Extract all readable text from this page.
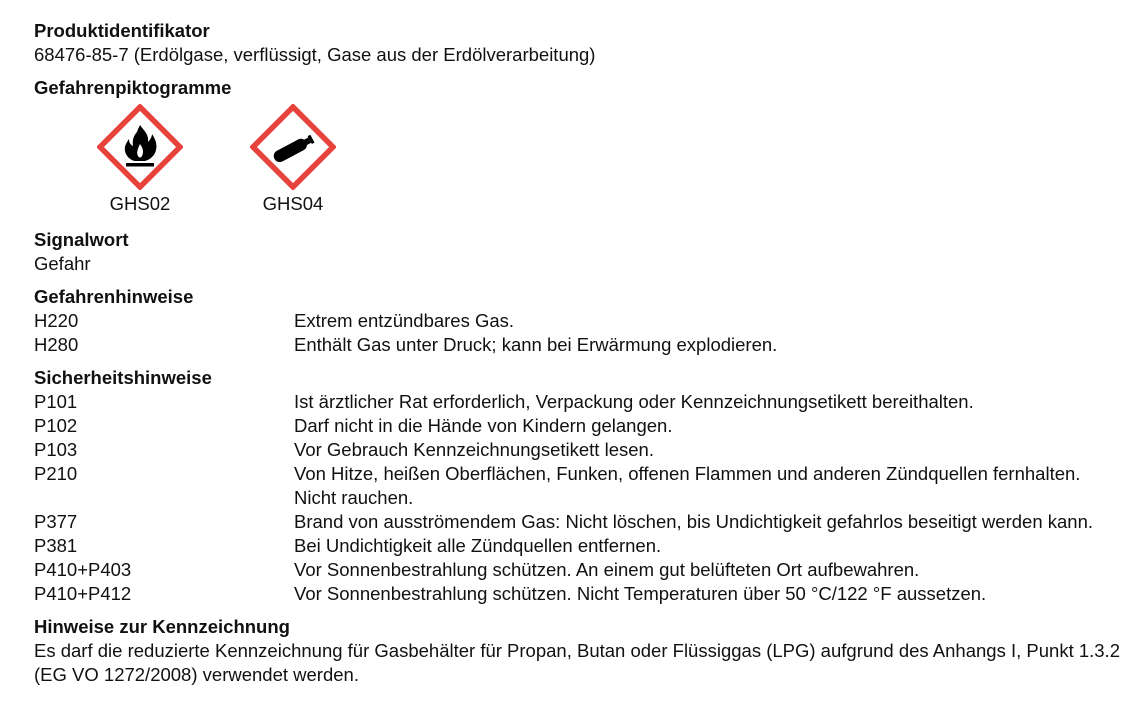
Produktidentifikator
68476-85-7 (Erdölgase, verflüssigt, Gase aus der Erdölverarbeitung)
Gefahrenpiktogramme
GHS02	GHS04
Signalwort
Gefahr
Gefahrenhinweise
H220	Extrem entzündbares Gas.
H280	Enthält Gas unter Druck; kann bei Erwärmung explodieren.
Sicherheitshinweise
P101	Ist ärztlicher Rat erforderlich, Verpackung oder Kennzeichnungsetikett bereithalten.
P102	Darf nicht in die Hände von Kindern gelangen.
P103	Vor Gebrauch Kennzeichnungsetikett lesen.
P210	Von Hitze, heißen Oberflächen, Funken, offenen Flammen und anderen Zündquellen fernhalten. Nicht rauchen.
P377	Brand von ausströmendem Gas: Nicht löschen, bis Undichtigkeit gefahrlos beseitigt werden kann.
P381	Bei Undichtigkeit alle Zündquellen entfernen.
P410+P403	Vor Sonnenbestrahlung schützen. An einem gut belüfteten Ort aufbewahren.
P410+P412	Vor Sonnenbestrahlung schützen. Nicht Temperaturen über 50 °C/122 °F aussetzen.
Hinweise zur Kennzeichnung
Es darf die reduzierte Kennzeichnung für Gasbehälter für Propan, Butan oder Flüssiggas (LPG) aufgrund des Anhangs I, Punkt 1.3.2 (EG VO 1272/2008) verwendet werden.
